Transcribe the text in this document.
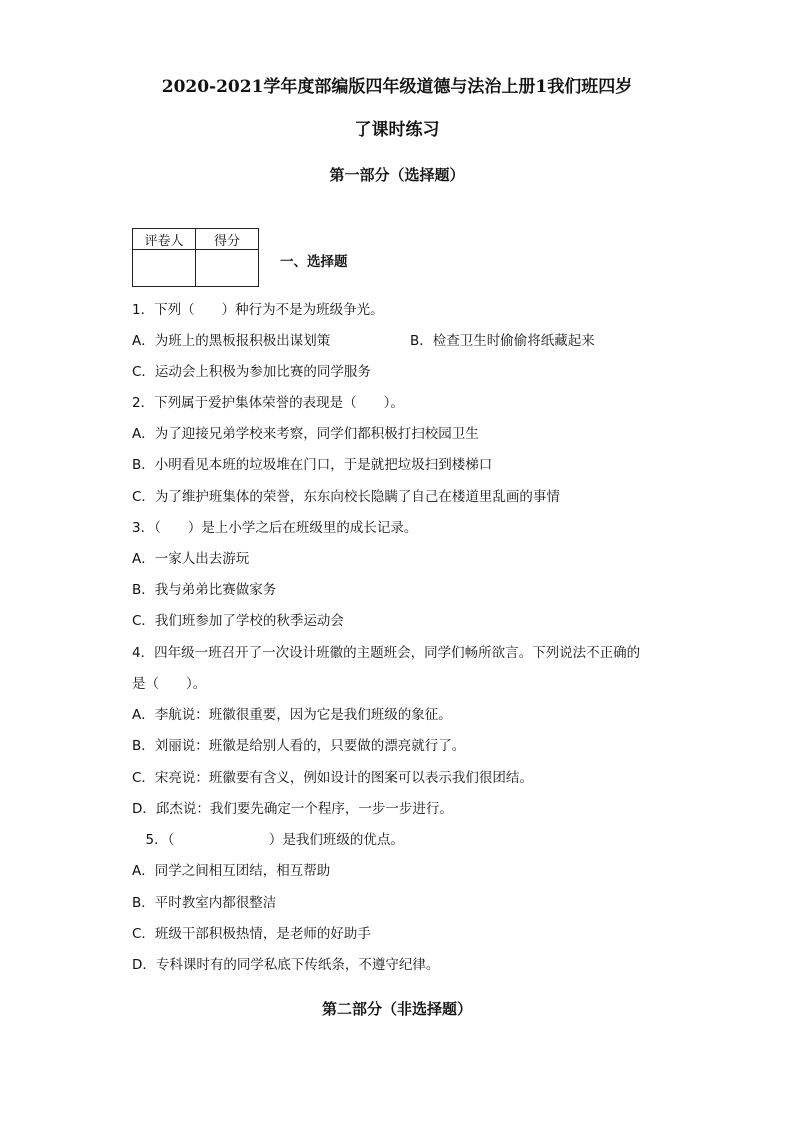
2020-2021学年度部编版四年级道德与法治上册1我们班四岁
了课时练习
第一部分（选择题）
评卷人	得分

一、选择题
1．下列（　　）种行为不是为班级争光。
A．为班上的黑板报积极出谋划策	B．检查卫生时偷偷将纸藏起来
C．运动会上积极为参加比赛的同学服务
2．下列属于爱护集体荣誉的表现是（　　）。
A．为了迎接兄弟学校来考察，同学们都积极打扫校园卫生
B．小明看见本班的垃圾堆在门口，于是就把垃圾扫到楼梯口
C．为了维护班集体的荣誉，东东向校长隐瞒了自己在楼道里乱画的事情
3．（　　）是上小学之后在班级里的成长记录。
A．一家人出去游玩
B．我与弟弟比赛做家务
C．我们班参加了学校的秋季运动会
4．四年级一班召开了一次设计班徽的主题班会，同学们畅所欲言。下列说法不正确的
是（　　）。
A．李航说：班徽很重要，因为它是我们班级的象征。
B．刘丽说：班徽是给别人看的，只要做的漂亮就行了。
C．宋亮说：班徽要有含义，例如设计的图案可以表示我们很团结。
D．邱杰说：我们要先确定一个程序，一步一步进行。
　5．（　　　　　　　）是我们班级的优点。
A．同学之间相互团结，相互帮助
B．平时教室内都很整洁
C．班级干部积极热情，是老师的好助手
D．专科课时有的同学私底下传纸条，不遵守纪律。
第二部分（非选择题）
